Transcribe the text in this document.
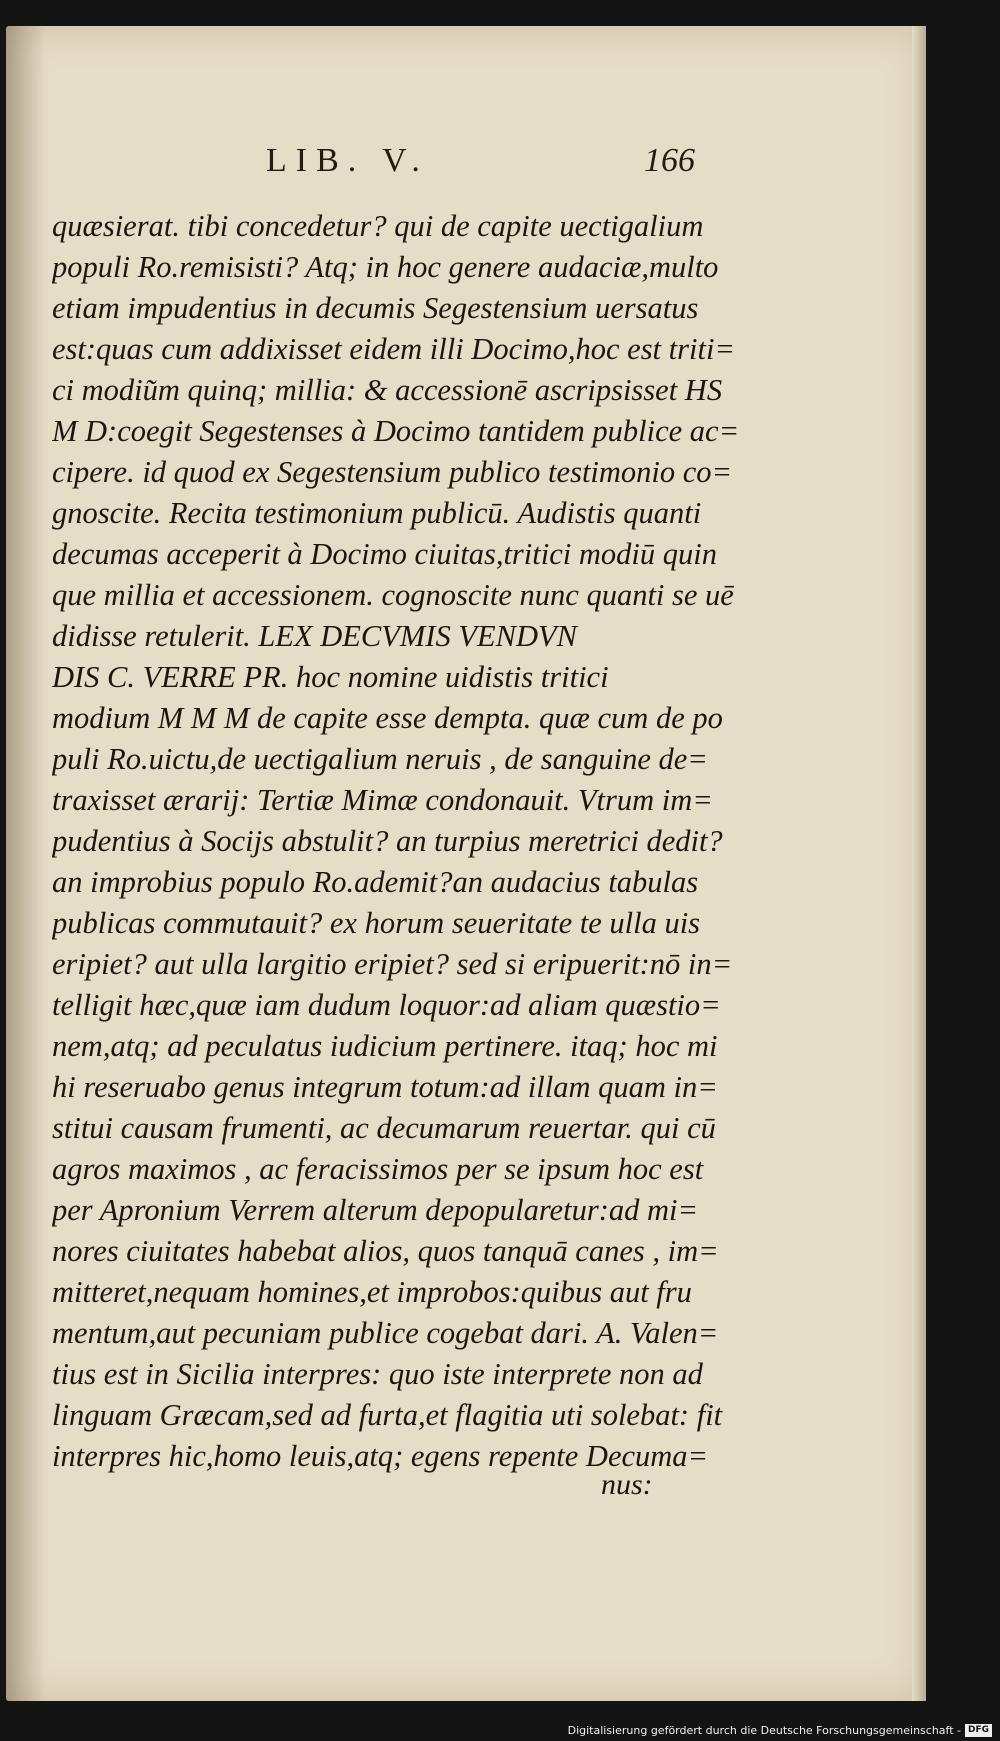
LIB. V.	166
quæsierat. tibi concedetur? qui de capite uectigalium
populi Ro.remisisti? Atq; in hoc genere audaciæ,multo
etiam impudentius in decumis Segestensium uersatus
est:quas cum addixisset eidem illi Docimo,hoc est triti=
ci modiu͂m quinq; millia: & accessionē ascripsisset HS
M D:coegit Segestenses à Docimo tantidem publice ac=
cipere. id quod ex Segestensium publico testimonio co=
gnoscite. Recita testimonium publicū. Audistis quanti
decumas acceperit à Docimo ciuitas,tritici modiū quin
que millia et accessionem. cognoscite nunc quanti se uē
didisse retulerit. LEX DECVMIS VENDVN
DIS C. VERRE PR. hoc nomine uidistis tritici
modium M M M de capite esse dempta. quæ cum de po
puli Ro.uictu,de uectigalium neruis , de sanguine de=
traxisset ærarij: Tertiæ Mimæ condonauit. Vtrum im=
pudentius à Socijs abstulit? an turpius meretrici dedit?
an improbius populo Ro.ademit?an audacius tabulas
publicas commutauit? ex horum seueritate te ulla uis
eripiet? aut ulla largitio eripiet? sed si eripuerit:nō in=
telligit hæc,quæ iam dudum loquor:ad aliam quæstio=
nem,atq; ad peculatus iudicium pertinere. itaq; hoc mi
hi reseruabo genus integrum totum:ad illam quam in=
stitui causam frumenti, ac decumarum reuertar. qui cū
agros maximos , ac feracissimos per se ipsum hoc est
per Apronium Verrem alterum depopularetur:ad mi=
nores ciuitates habebat alios, quos tanquā canes , im=
mitteret,nequam homines,et improbos:quibus aut fru
mentum,aut pecuniam publice cogebat dari. A. Valen=
tius est in Sicilia interpres: quo iste interprete non ad
linguam Græcam,sed ad furta,et flagitia uti solebat: fit
interpres hic,homo leuis,atq; egens repente Decuma=
nus:
Digitalisierung gefördert durch die Deutsche Forschungsgemeinschaft - DFG
